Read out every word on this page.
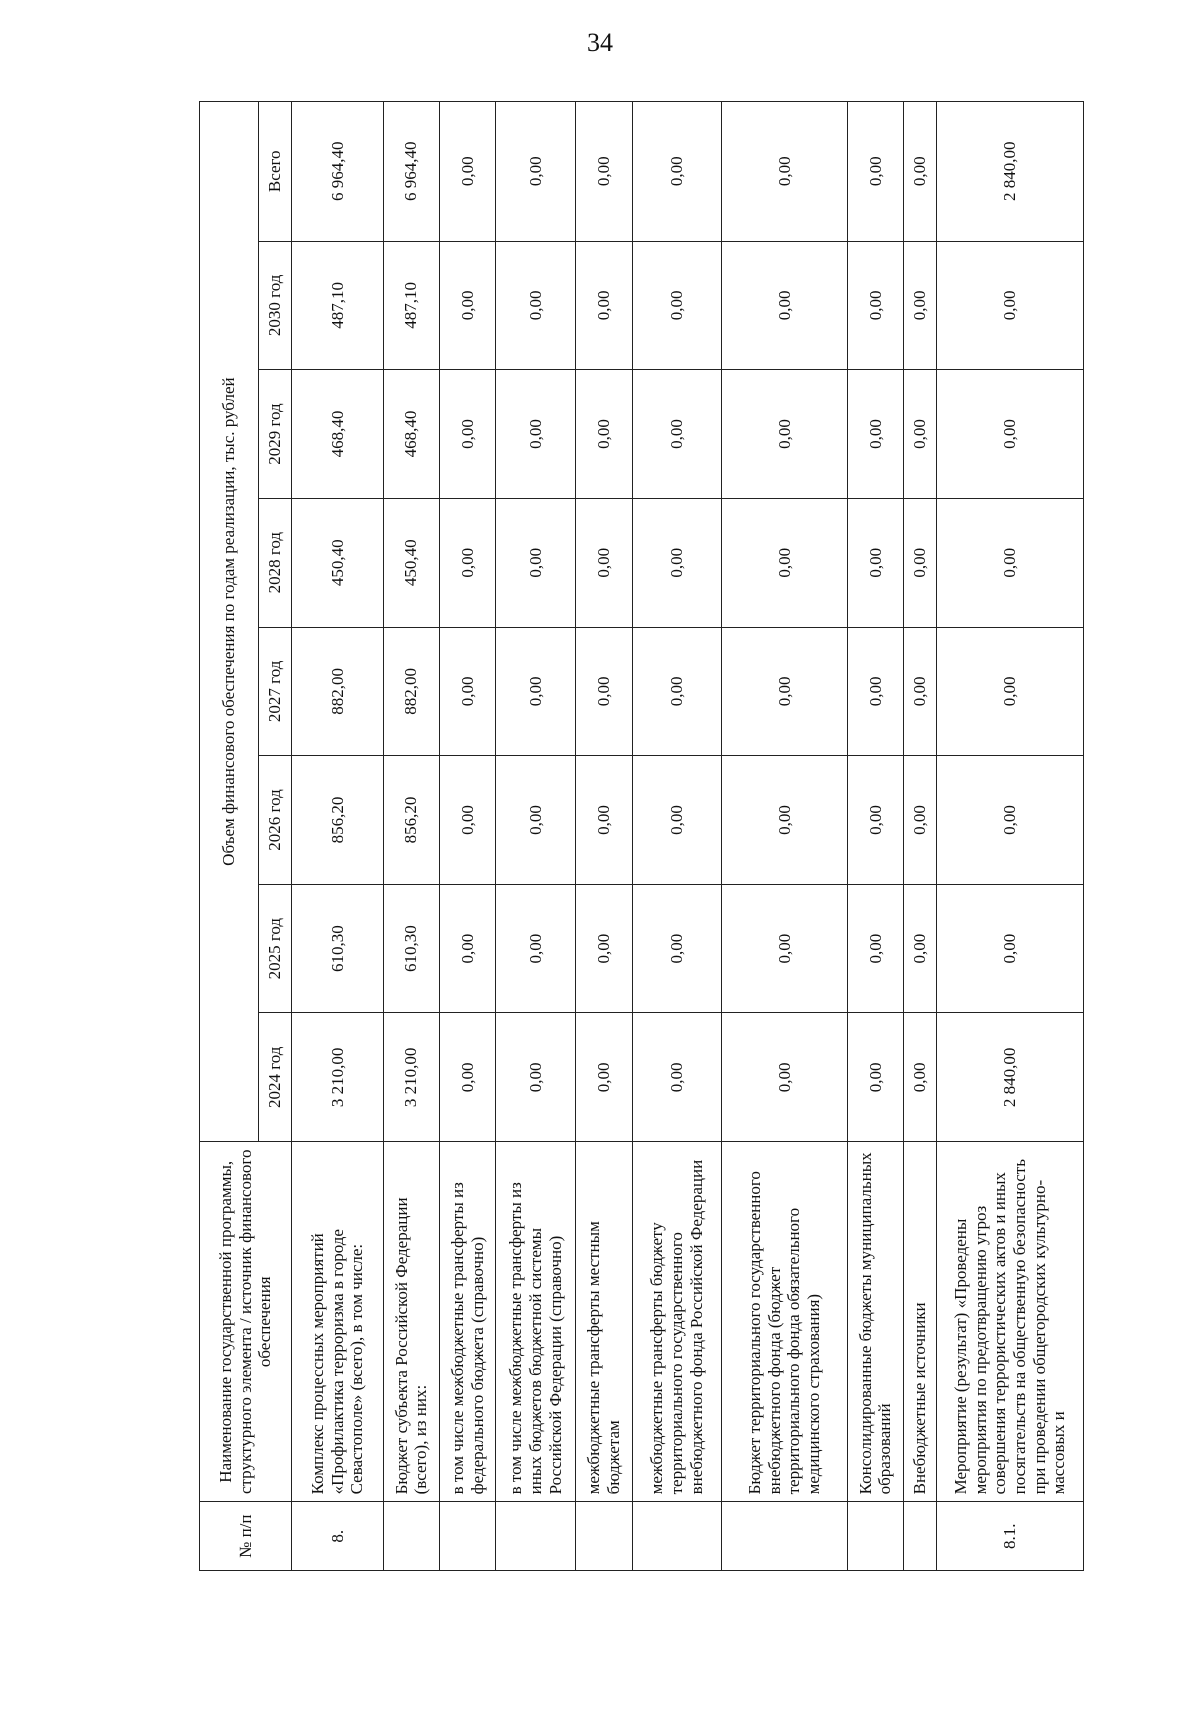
34
№ п/п	Наименование государственной программы, структурного элемента / источник финансового обеспечения	Объем финансового обеспечения по годам реализации, тыс. рублей							
		2024 год	2025 год	2026 год	2027 год	2028 год	2029 год	2030 год	Всего
8.	Комплекс процессных мероприятий «Профилактика терроризма в городе Севастополе» (всего), в том числе:	3 210,00	610,30	856,20	882,00	450,40	468,40	487,10	6 964,40
	Бюджет субъекта Российской Федерации (всего), из них:	3 210,00	610,30	856,20	882,00	450,40	468,40	487,10	6 964,40
	в том числе межбюджетные трансферты из федерального бюджета (справочно)	0,00	0,00	0,00	0,00	0,00	0,00	0,00	0,00
	в том числе межбюджетные трансферты из иных бюджетов бюджетной системы Российской Федерации (справочно)	0,00	0,00	0,00	0,00	0,00	0,00	0,00	0,00
	межбюджетные трансферты местным бюджетам	0,00	0,00	0,00	0,00	0,00	0,00	0,00	0,00
	межбюджетные трансферты бюджету территориального государственного внебюджетного фонда Российской Федерации	0,00	0,00	0,00	0,00	0,00	0,00	0,00	0,00
	Бюджет территориального государственного внебюджетного фонда (бюджет территориального фонда обязательного медицинского страхования)	0,00	0,00	0,00	0,00	0,00	0,00	0,00	0,00
	Консолидированные бюджеты муниципальных образований	0,00	0,00	0,00	0,00	0,00	0,00	0,00	0,00
	Внебюджетные источники	0,00	0,00	0,00	0,00	0,00	0,00	0,00	0,00
8.1.	Мероприятие (результат) «Проведены мероприятия по предотвращению угроз совершения террористических актов и иных посягательств на общественную безопасность при проведении общегородских культурно-массовых и	2 840,00	0,00	0,00	0,00	0,00	0,00	0,00	2 840,00
